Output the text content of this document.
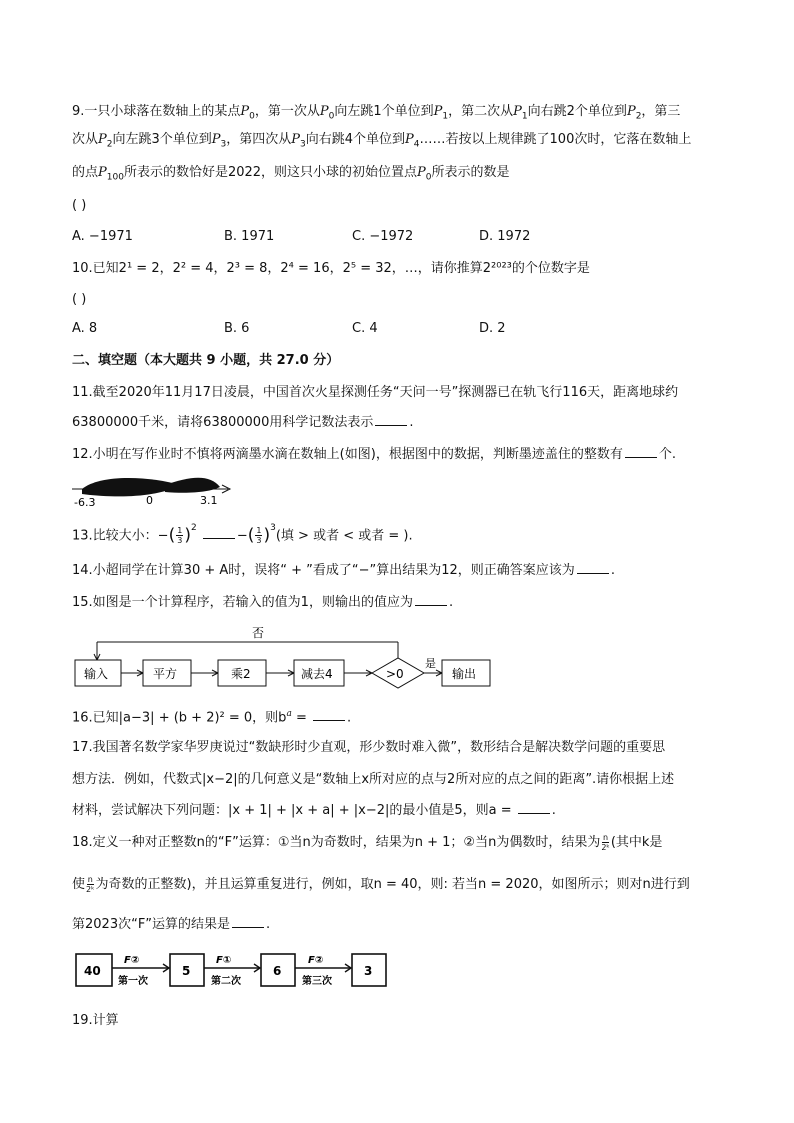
9.一只小球落在数轴上的某点$P_0$，第一次从$P_0$向左跳1个单位到$P_1$，第二次从$P_1$向右跳2个单位到$P_2$，第三
次从$P_2$向左跳3个单位到$P_3$，第四次从$P_3$向右跳4个单位到$P_4\dots\dots$若按以上规律跳了100次时，它落在数轴上
的点$P_{100}$所表示的数恰好是2022，则这只小球的初始位置点$P_0$所表示的数是
( )
A. −1971	B. 1971	C. −1972	D. 1972
10.已知2¹ = 2，2² = 4，2³ = 8，2⁴ = 16，2⁵ = 32，…，请你推算2²⁰²³的个位数字是
( )
A. 8	B. 6	C. 4	D. 2
二、填空题（本大题共 9 小题，共 27.0 分）
11.截至2020年11月17日凌晨，中国首次火星探测任务“天问一号”探测器已在轨飞行116天，距离地球约
63800000千米，请将63800000用科学记数法表示	.
12.小明在写作业时不慎将两滴墨水滴在数轴上(如图)，根据图中的数据，判断墨迹盖住的整数有	个.
-6.3	0	3.1
13.比较大小：−( $\frac{1}{3} )^2$ −( $\frac{1}{3} )^3$(填 > 或者 < 或者 = ).
14.小超同学在计算30 + A时，误将“ + ”看成了“−”算出结果为12，则正确答案应该为	.
15.如图是一个计算程序，若输入的值为1，则输出的值应为	.
否
输入	平方	乘2	减去4	>0
是
输出
16.已知|a−3| + (b + 2)² = 0，则$b^a$ =	.
17.我国著名数学家华罗庚说过“数缺形时少直观，形少数时难入微”，数形结合是解决数学问题的重要思
想方法．例如，代数式|x−2|的几何意义是“数轴上x所对应的点与2所对应的点之间的距离”.请你根据上述
材料，尝试解决下列问题：|x + 1| + |x + a| + |x−2|的最小值是5，则a =	.
18.定义一种对正整数n的“F”运算：①当n为奇数时，结果为n + 1；②当n为偶数时，结果为 $\frac{n}{\text{2ᵏ}}$ (其中k是
使 $\frac{n}{\text{2ᵏ}}$ 为奇数的正整数)，并且运算重复进行，例如，取n = 40，则: 若当n = 2020，如图所示；则对n进行到
第2023次“F”运算的结果是	.
40
F②
第一次
5
F①
第二次
6
F②
第三次
3
19.计算
